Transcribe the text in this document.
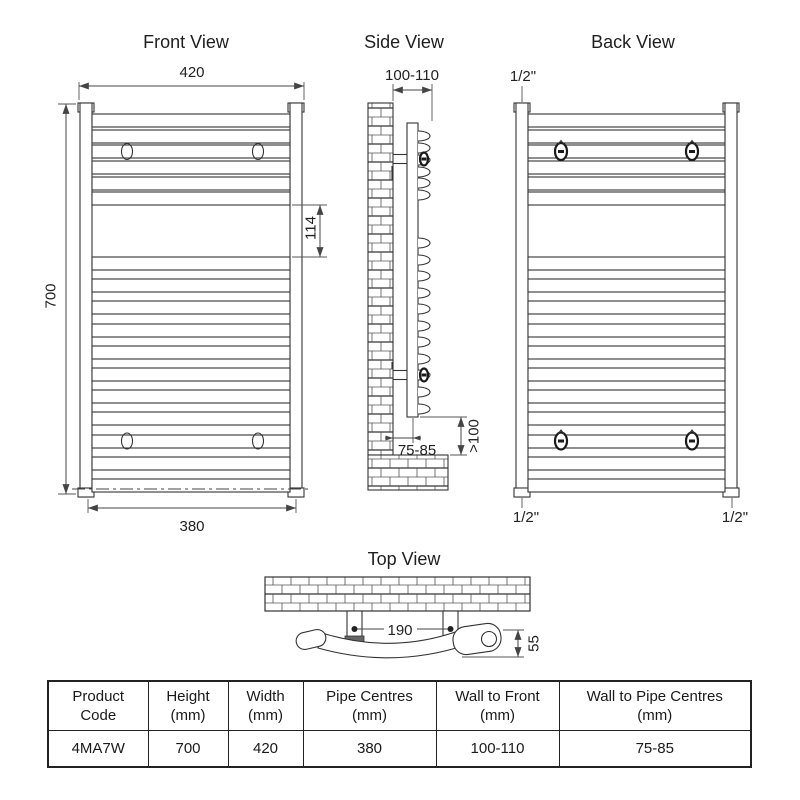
Front View	Side View	Back View
Top View
420
700
114
380
100-110
75-85 >100
1/2"
1/2"	1/2"
190
55
Product
Code

Height
(mm)

Width
(mm)

Pipe Centres
(mm)

Wall to Front
(mm)

Wall to Pipe Centres
(mm)

4MA7W	700	420	380	100-110	75-85
